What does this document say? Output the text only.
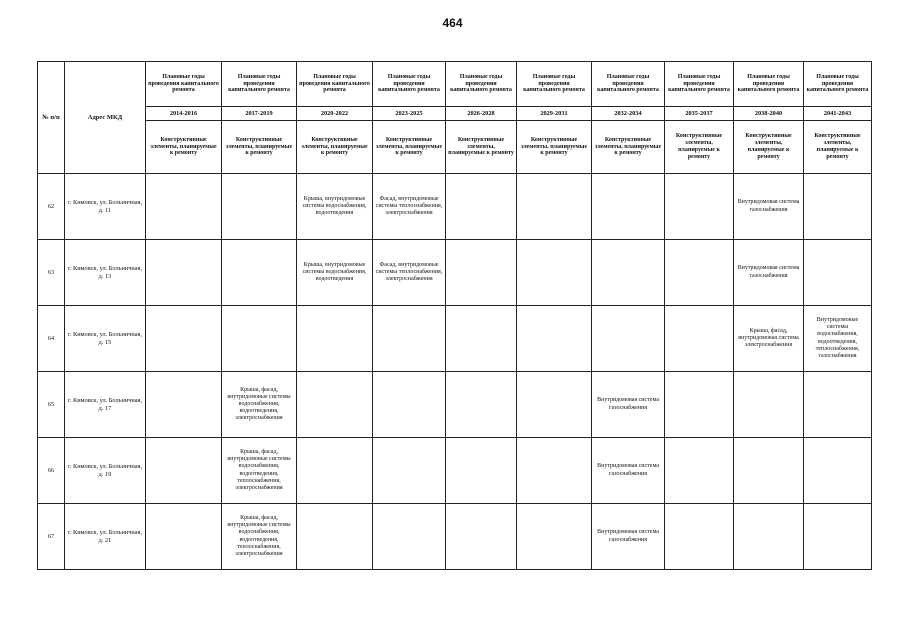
464
№ п/п	Адрес МКД	Плановые годы проведения капитального ремонта	Плановые годы проведения капитального ремонта	Плановые годы проведения капитального ремонта	Плановые годы проведения капитального ремонта	Плановые годы проведения капитального ремонта	Плановые годы проведения капитального ремонта	Плановые годы проведения капитального ремонта	Плановые годы проведения капитального ремонта	Плановые годы проведения капитального ремонта	Плановые годы проведения капитального ремонта
		2014-2016	2017-2019	2020-2022	2023-2025	2026-2028	2029-2031	2032-2034	2035-2037	2038-2040	2041-2043
		Конструктивные элементы, планируемые к ремонту	Конструктивные элементы, планируемые к ремонту	Конструктивные элементы, планируемые к ремонту	Конструктивные элементы, планируемые к ремонту	Конструктивные элементы, планируемые к ремонту	Конструктивные элементы, планируемые к ремонту	Конструктивные элементы, планируемые к ремонту	Конструктивные элементы, планируемые к ремонту	Конструктивные элементы, планируемые к ремонту	Конструктивные элементы, планируемые к ремонту
62	г. Кимовск, ул. Больничная, д. 11			Крыша, внутридомовые системы водоснабжения, водоотведения	Фасад, внутридомовые системы теплоснабжения, электроснабжения					Внутридомовая система газоснабжения	
63	г. Кимовск, ул. Больничная, д. 13			Крыша, внутридомовые системы водоснабжения, водоотведения	Фасад, внутридомовые системы теплоснабжения, электроснабжения					Внутридомовая система газоснабжения	
64	г. Кимовск, ул. Больничная, д. 15									Крыша, фасад, внутридомовая система электроснабжения	Внутридомовые системы водоснабжения, водоотведения, теплоснабжения, газоснабжения
65	г. Кимовск, ул. Больничная, д. 17		Крыша, фасад, внутридомовые системы водоснабжения, водоотведения, электроснабжения					Внутридомовая система газоснабжения			
66	г. Кимовск, ул. Больничная, д. 19		Крыша, фасад, внутридомовые системы водоснабжения, водоотведения, теплоснабжения, электроснабжения					Внутридомовая система газоснабжения			
67	г. Кимовск, ул. Больничная, д. 21		Крыша, фасад, внутридомовые системы водоснабжения, водоотведения, теплоснабжения, электроснабжения					Внутридомовая система газоснабжения			
